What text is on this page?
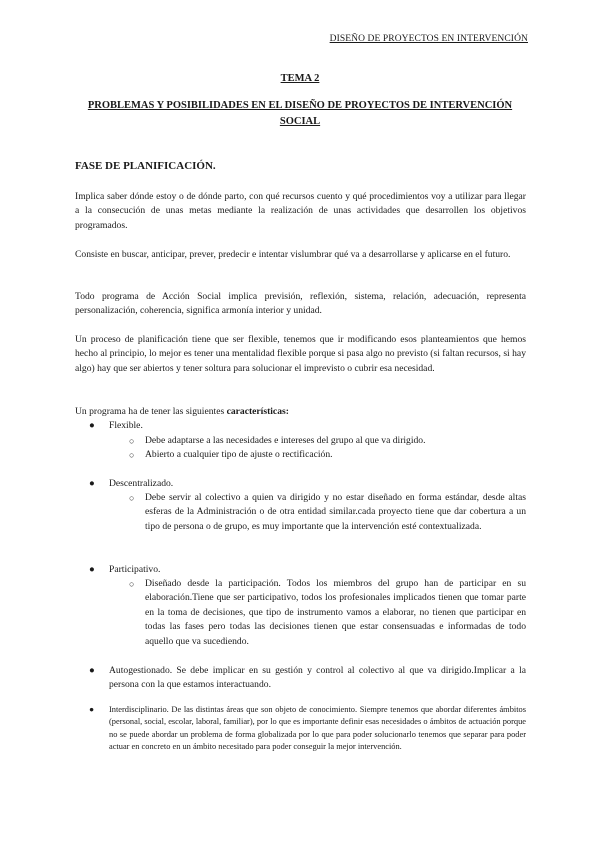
DISEÑO DE PROYECTOS EN INTERVENCIÓN
TEMA 2
PROBLEMAS Y POSIBILIDADES EN EL DISEÑO DE PROYECTOS DE INTERVENCIÓN SOCIAL
FASE DE PLANIFICACIÓN.
Implica saber dónde estoy o de dónde parto, con qué recursos cuento y qué procedimientos voy a utilizar para llegar a la consecución de unas metas mediante la realización de unas actividades que desarrollen los objetivos programados.
Consiste en buscar, anticipar, prever, predecir e intentar vislumbrar qué va a desarrollarse y aplicarse en el futuro.
Todo programa de Acción Social implica previsión, reflexión, sistema, relación, adecuación, representa personalización, coherencia, significa armonía interior y unidad.
Un proceso de planificación tiene que ser flexible, tenemos que ir modificando esos planteamientos que hemos hecho al principio, lo mejor es tener una mentalidad flexible porque si pasa algo no previsto (si faltan recursos, si hay algo) hay que ser abiertos y tener soltura para solucionar el imprevisto o cubrir esa necesidad.
Un programa ha de tener las siguientes características:
●	Flexible.
○	Debe adaptarse a las necesidades e intereses del grupo al que va dirigido.
○	Abierto a cualquier tipo de ajuste o rectificación.
●	Descentralizado.
○	Debe servir al colectivo a quien va dirigido y no estar diseñado en forma estándar, desde altas esferas de la Administración o de otra entidad similar.cada proyecto tiene que dar cobertura a un tipo de persona o de grupo, es muy importante que la intervención esté contextualizada.
●	Participativo.
○	Diseñado desde la participación. Todos los miembros del grupo han de participar en su elaboración.Tiene que ser participativo, todos los profesionales implicados tienen que tomar parte en la toma de decisiones, que tipo de instrumento vamos a elaborar, no tienen que participar en todas las fases pero todas las decisiones tienen que estar consensuadas e informadas de todo aquello que va sucediendo.
●	Autogestionado. Se debe implicar en su gestión y control al colectivo al que va dirigido.Implicar a la persona con la que estamos interactuando.
●	Interdisciplinario. De las distintas áreas que son objeto de conocimiento. Siempre tenemos que abordar diferentes ámbitos (personal, social, escolar, laboral, familiar), por lo que es importante definir esas necesidades o ámbitos de actuación porque no se puede abordar un problema de forma globalizada por lo que para poder solucionarlo tenemos que separar para poder actuar en concreto en un ámbito necesitado para poder conseguir la mejor intervención.
